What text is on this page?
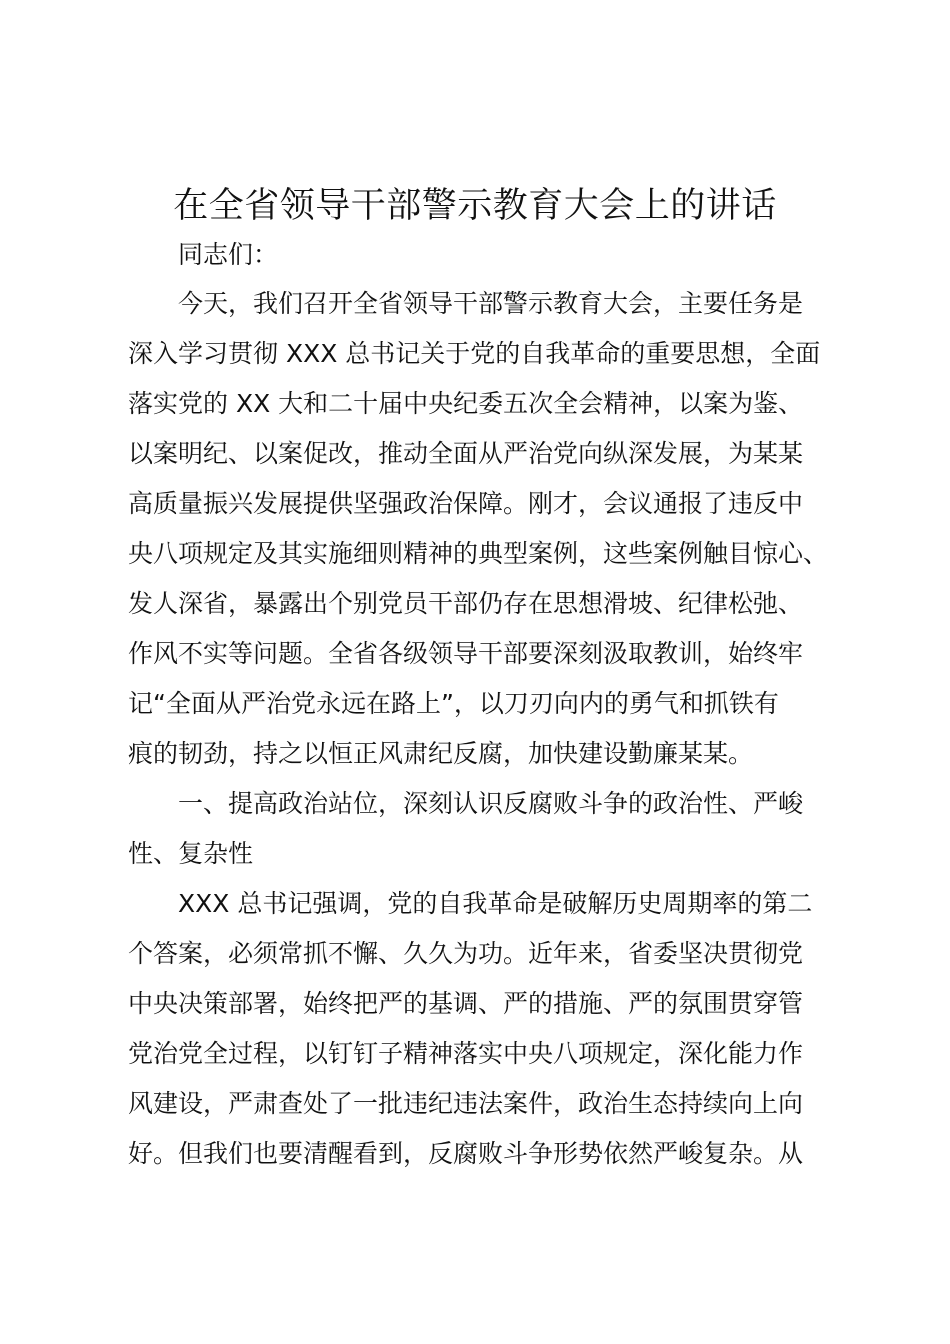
在全省领导干部警示教育大会上的讲话
同志们：
今天，我们召开全省领导干部警示教育大会，主要任务是
深入学习贯彻 XXX 总书记关于党的自我革命的重要思想，全面
落实党的 XX 大和二十届中央纪委五次全会精神，以案为鉴、
以案明纪、以案促改，推动全面从严治党向纵深发展，为某某
高质量振兴发展提供坚强政治保障。刚才，会议通报了违反中
央八项规定及其实施细则精神的典型案例，这些案例触目惊心、
发人深省，暴露出个别党员干部仍存在思想滑坡、纪律松弛、
作风不实等问题。全省各级领导干部要深刻汲取教训，始终牢
记“全面从严治党永远在路上”，以刀刃向内的勇气和抓铁有
痕的韧劲，持之以恒正风肃纪反腐，加快建设勤廉某某。
一、提高政治站位，深刻认识反腐败斗争的政治性、严峻
性、复杂性
XXX 总书记强调，党的自我革命是破解历史周期率的第二
个答案，必须常抓不懈、久久为功。近年来，省委坚决贯彻党
中央决策部署，始终把严的基调、严的措施、严的氛围贯穿管
党治党全过程，以钉钉子精神落实中央八项规定，深化能力作
风建设，严肃查处了一批违纪违法案件，政治生态持续向上向
好。但我们也要清醒看到，反腐败斗争形势依然严峻复杂。从
